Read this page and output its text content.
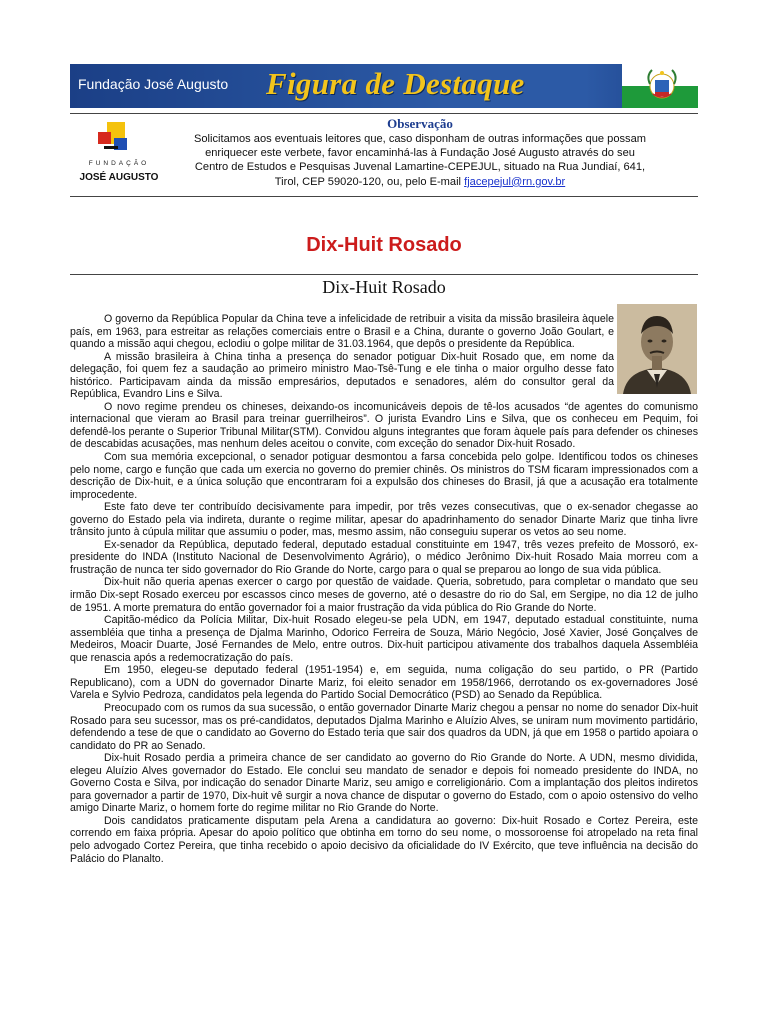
Fundação José Augusto Figura de Destaque
FUNDAÇÃO
JOSÉ AUGUSTO
Observação
Solicitamos aos eventuais leitores que, caso disponham de outras informações que possam
enriquecer este verbete, favor encaminhá-las à Fundação José Augusto através do seu
Centro de Estudos e Pesquisas Juvenal Lamartine-CEPEJUL, situado na Rua Jundiaí, 641,
Tirol, CEP 59020-120, ou, pelo E-mail fjacepejul@rn.gov.br
Dix-Huit Rosado
Dix-Huit Rosado

O governo da República Popular da China teve a infelicidade de retribuir a visita da missão brasileira àquele país, em 1963, para estreitar as relações comerciais entre o Brasil e a China, durante o governo João Goulart, e quando a missão aqui chegou, eclodiu o golpe militar de 31.03.1964, que depôs o presidente da República.

A missão brasileira à China tinha a presença do senador potiguar Dix-huit Rosado que, em nome da delegação, foi quem fez a saudação ao primeiro ministro Mao-Tsê-Tung e ele tinha o maior orgulho desse fato histórico. Participavam ainda da missão empresários, deputados e senadores, além do consultor geral da República, Evandro Lins e Silva.

O novo regime prendeu os chineses, deixando-os incomunicáveis depois de tê-los acusados “de agentes do comunismo internacional que vieram ao Brasil para treinar guerrilheiros”. O jurista Evandro Lins e Silva, que os conheceu em Pequim, foi defendê-los perante o Superior Tribunal Militar(STM). Convidou alguns integrantes que foram àquele país para defender os chineses de descabidas acusações, mas nenhum deles aceitou o convite, com exceção do senador Dix-huit Rosado.

Com sua memória excepcional, o senador potiguar desmontou a farsa concebida pelo golpe. Identificou todos os chineses pelo nome, cargo e função que cada um exercia no governo do premier chinês. Os ministros do TSM ficaram impressionados com a descrição de Dix-huit, e a única solução que encontraram foi a expulsão dos chineses do Brasil, já que a acusação era totalmente improcedente.

Este fato deve ter contribuído decisivamente para impedir, por três vezes consecutivas, que o ex-senador chegasse ao governo do Estado pela via indireta, durante o regime militar, apesar do apadrinhamento do senador Dinarte Mariz que tinha livre trânsito junto à cúpula militar que assumiu o poder, mas, mesmo assim, não conseguiu superar os vetos ao seu nome.

Ex-senador da República, deputado federal, deputado estadual constituinte em 1947, três vezes prefeito de Mossoró, ex-presidente do INDA (Instituto Nacional de Desenvolvimento Agrário), o médico Jerônimo Dix-huit Rosado Maia morreu com a frustração de nunca ter sido governador do Rio Grande do Norte, cargo para o qual se preparou ao longo de sua vida pública.

Dix-huit não queria apenas exercer o cargo por questão de vaidade. Queria, sobretudo, para completar o mandato que seu irmão Dix-sept Rosado exerceu por escassos cinco meses de governo, até o desastre do rio do Sal, em Sergipe, no dia 12 de julho de 1951. A morte prematura do então governador foi a maior frustração da vida pública do Rio Grande do Norte.

Capitão-médico da Polícia Militar, Dix-huit Rosado elegeu-se pela UDN, em 1947, deputado estadual constituinte, numa assembléia que tinha a presença de Djalma Marinho, Odorico Ferreira de Souza, Mário Negócio, José Xavier, José Gonçalves de Medeiros, Moacir Duarte, José Fernandes de Melo, entre outros. Dix-huit participou ativamente dos trabalhos daquela Assembléia que renascia após a redemocratização do país.

Em 1950, elegeu-se deputado federal (1951-1954) e, em seguida, numa coligação do seu partido, o PR (Partido Republicano), com a UDN do governador Dinarte Mariz, foi eleito senador em 1958/1966, derrotando os ex-governadores José Varela e Sylvio Pedroza, candidatos pela legenda do Partido Social Democrático (PSD) ao Senado da República.

Preocupado com os rumos da sua sucessão, o então governador Dinarte Mariz chegou a pensar no nome do senador Dix-huit Rosado para seu sucessor, mas os pré-candidatos, deputados Djalma Marinho e Aluízio Alves, se uniram num movimento partidário, defendendo a tese de que o candidato ao Governo do Estado teria que sair dos quadros da UDN, já que em 1958 o partido apoiara o candidato do PR ao Senado.

Dix-huit Rosado perdia a primeira chance de ser candidato ao governo do Rio Grande do Norte. A UDN, mesmo dividida, elegeu Aluízio Alves governador do Estado. Ele conclui seu mandato de senador e depois foi nomeado presidente do INDA, no Governo Costa e Silva, por indicação do senador Dinarte Mariz, seu amigo e correligionário. Com a implantação dos pleitos indiretos para governador a partir de 1970, Dix-huit vê surgir a nova chance de disputar o governo do Estado, com o apoio ostensivo do velho amigo Dinarte Mariz, o homem forte do regime militar no Rio Grande do Norte.

Dois candidatos praticamente disputam pela Arena a candidatura ao governo: Dix-huit Rosado e Cortez Pereira, este correndo em faixa própria. Apesar do apoio político que obtinha em torno do seu nome, o mossoroense foi atropelado na reta final pelo advogado Cortez Pereira, que tinha recebido o apoio decisivo da oficialidade do IV Exército, que teve influência na decisão do Palácio do Planalto.
